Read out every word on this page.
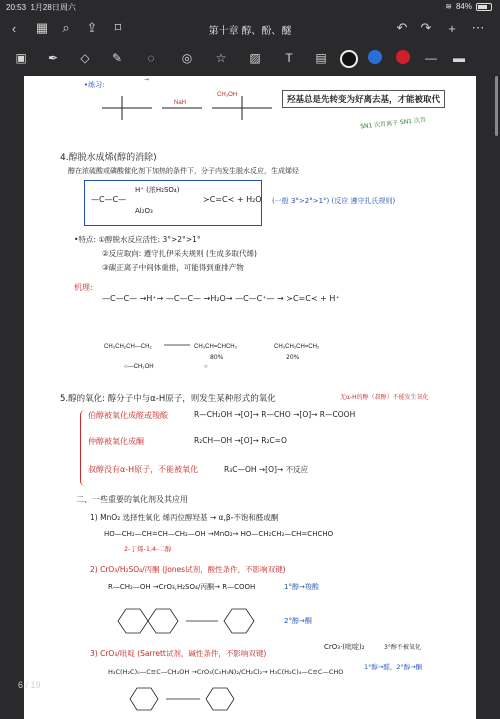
20:53 1月28日周六	≋ 84%
‹	▦	⌕	⇪	⌑	第十章 醇、酚、醚	↶	↷	+	⋯
▣	✒	◇	✎	◌	◎	☆	▨	T	▤	—	▬
•练习:
NaH
CH₃OH
→
羟基总是先转变为好离去基，才能被取代
SN1 次育离子 SN1 次育
4.醇脱水成烯(醇的消除)
醇在浓硫酸或磷酸催化剂下加热的条件下，分子内发生脱水反应，生成烯烃
—C—C—
H⁺ (浓H₂SO₄)
Al₂O₃
≻C=C≺ + H₂O (一般 3°>2°>1°) (反应 遵守扎氏规则)
•特点: ①醇脱水反应活性: 3°>2°>1°
②反应取向: 遵守扎伊采夫规则 (生成多取代烯)
③碳正离子中间体重排，可能得到重排产物
机理:
—C—C— →H⁺→ —C—C— →H₂O→ —C—C⁺— → ≻C=C≺ + H⁺
CH₃CH₂CH—CH₂	CH₃CH=CHCH₃	CH₃CH₂CH=CH₂
○—CH₂OH	○
80%	20%
5.醇的氧化: 醇分子中与α-H原子，则发生某种形式的氧化	无α-H的醇（叔醇）不能发生氧化
伯醇被氧化成醛或羧酸	R—CH₂OH →[O]→ R—CHO →[O]→ R—COOH
仲醇被氧化成酮	R₂CH—OH →[O]→ R₂C=O
叔醇没有α-H原子，不能被氧化	R₃C—OH →[O]→ 不反应
二、一些重要的氧化剂及其应用
1) MnO₂ 选择性氧化 烯丙位醇羟基 → α,β-不饱和醛或酮
HO—CH₂—CH=CH—CH₂—OH →MnO₂→ HO—CH₂CH₂—CH=CHCHO
2-丁烯-1,4-二醇
2) CrO₃/H₂SO₄/丙酮 (Jones试剂，酸性条件，不影响双键)
R—CH₂—OH →CrO₃,H₂SO₄/丙酮→ R—COOH	1°醇→羧酸
2°醇→酮
3) CrO₃/吡啶 (Sarrett试剂，碱性条件，不影响双键)
CrO₃·(吡啶)₂	3°醇不被氧化
1°醇→醛，2°醇→酮
H₃C(H₂C)₅—C≡C—CH₂OH →CrO₃(C₅H₅N)₂/CH₂Cl₂→ H₃C(H₂C)₄—C≡C—CHO
6 / 19
